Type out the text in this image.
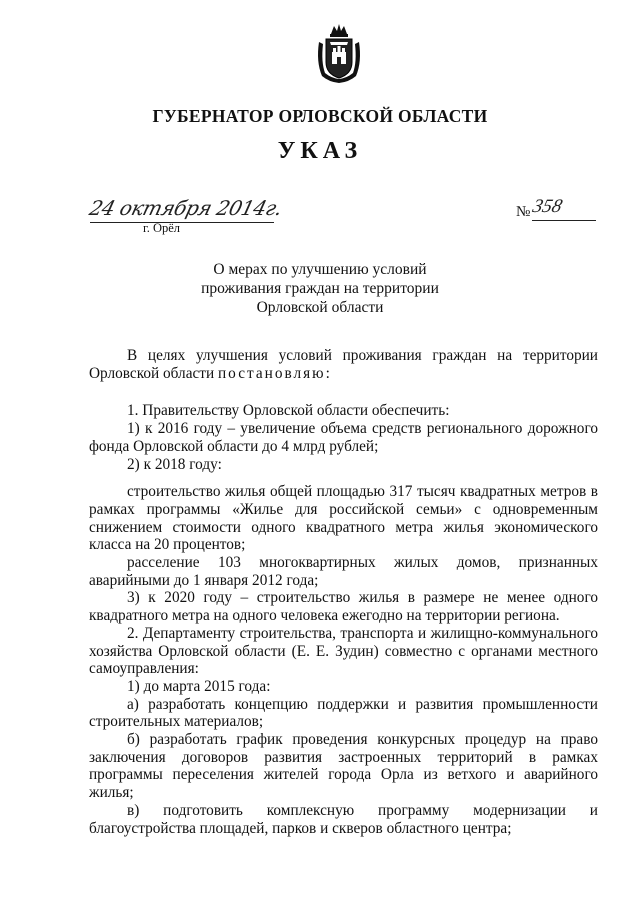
ГУБЕРНАТОР ОРЛОВСКОЙ ОБЛАСТИ
УКАЗ
24 октября 2014г.
г. Орёл
№ 358
О мерах по улучшению условий
проживания граждан на территории
Орловской области

В целях улучшения условий проживания граждан на территории Орловской области постановляю:

1. Правительству Орловской области обеспечить:

1) к 2016 году – увеличение объема средств регионального дорожного фонда Орловской области до 4 млрд рублей;

2) к 2018 году:

строительство жилья общей площадью 317 тысяч квадратных метров в рамках программы «Жилье для российской семьи» с одновременным снижением стоимости одного квадратного метра жилья экономического класса на 20 процентов;

расселение 103 многоквартирных жилых домов, признанных аварийными до 1 января 2012 года;

3) к 2020 году – строительство жилья в размере не менее одного квадратного метра на одного человека ежегодно на территории региона.

2. Департаменту строительства, транспорта и жилищно-коммунального хозяйства Орловской области (Е. Е. Зудин) совместно с органами местного самоуправления:

1) до марта 2015 года:

а) разработать концепцию поддержки и развития промышленности строительных материалов;

б) разработать график проведения конкурсных процедур на право заключения договоров развития застроенных территорий в рамках программы переселения жителей города Орла из ветхого и аварийного жилья;

в) подготовить комплексную программу модернизации и благоустройства площадей, парков и скверов областного центра;
